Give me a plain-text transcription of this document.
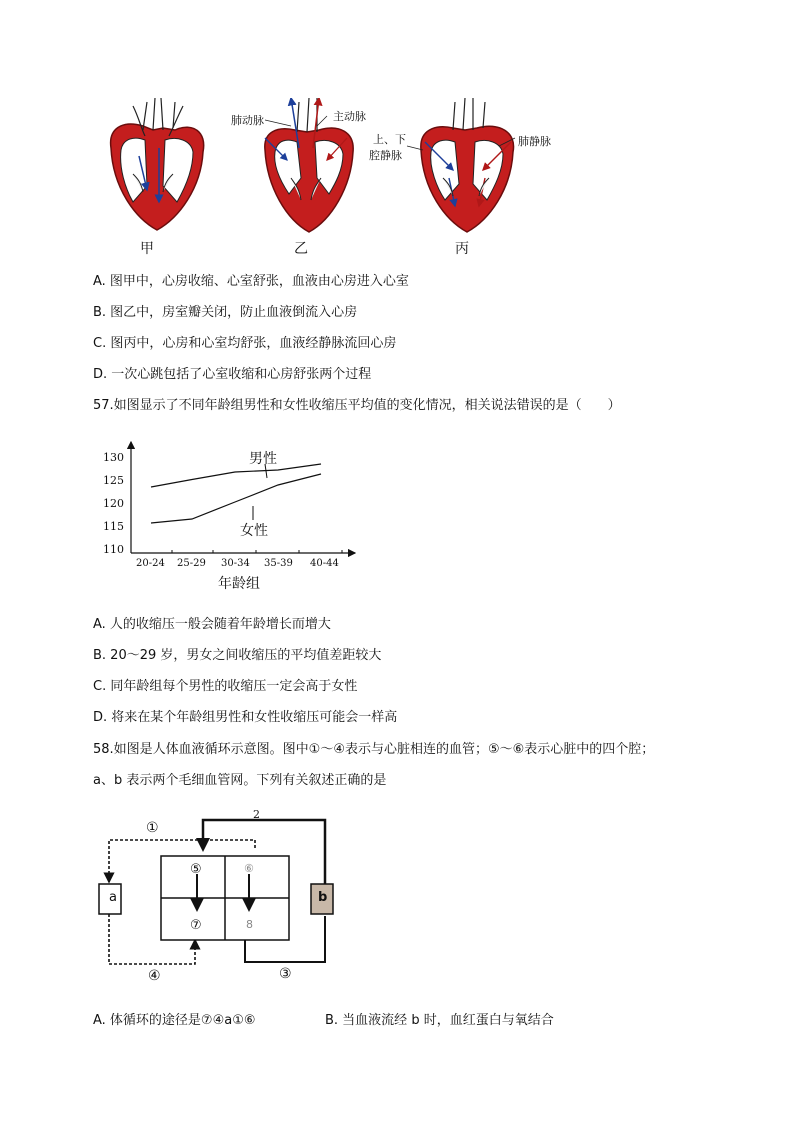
肺动脉	主动脉
上、下
腔静脉
肺静脉
甲	乙	丙
A. 图甲中，心房收缩、心室舒张，血液由心房进入心室
B. 图乙中，房室瓣关闭，防止血液倒流入心房
C. 图丙中，心房和心室均舒张，血液经静脉流回心房
D. 一次心跳包括了心室收缩和心房舒张两个过程
57.如图显示了不同年龄组男性和女性收缩压平均值的变化情况，相关说法错误的是（　　）
130
125
120
115
110
20-24 25-29 30-34 35-39 40-44
年龄组
男性
女性
A. 人的收缩压一般会随着年龄增长而增大
B. 20～29 岁，男女之间收缩压的平均值差距较大
C. 同年龄组每个男性的收缩压一定会高于女性
D. 将来在某个年龄组男性和女性收缩压可能会一样高
58.如图是人体血液循环示意图。图中①～④表示与心脏相连的血管；⑤～⑥表示心脏中的四个腔；
a、b 表示两个毛细血管网。下列有关叙述正确的是
a	b
①
2
③
④
⑤	⑥
⑦	8
A. 体循环的途径是⑦④a①⑥	B. 当血液流经 b 时，血红蛋白与氧结合
